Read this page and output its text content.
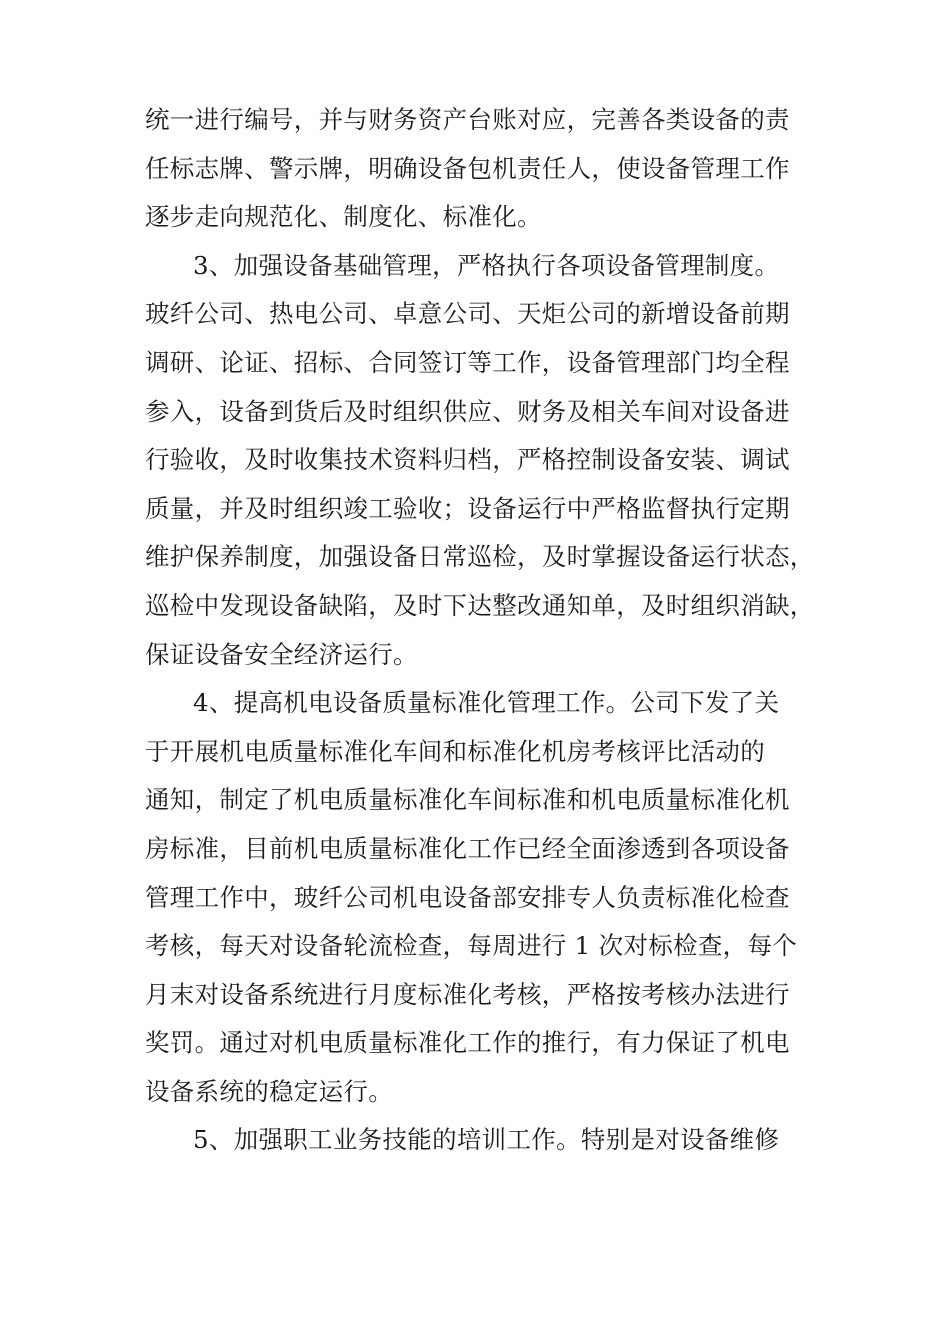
统一进行编号，并与财务资产台账对应，完善各类设备的责
任标志牌、警示牌，明确设备包机责任人，使设备管理工作
逐步走向规范化、制度化、标准化。
3、加强设备基础管理，严格执行各项设备管理制度。
玻纤公司、热电公司、卓意公司、天炬公司的新增设备前期
调研、论证、招标、合同签订等工作，设备管理部门均全程
参入，设备到货后及时组织供应、财务及相关车间对设备进
行验收，及时收集技术资料归档，严格控制设备安装、调试
质量，并及时组织竣工验收；设备运行中严格监督执行定期
维护保养制度，加强设备日常巡检，及时掌握设备运行状态，
巡检中发现设备缺陷，及时下达整改通知单，及时组织消缺，
保证设备安全经济运行。
4、提高机电设备质量标准化管理工作。公司下发了关
于开展机电质量标准化车间和标准化机房考核评比活动的
通知，制定了机电质量标准化车间标准和机电质量标准化机
房标准，目前机电质量标准化工作已经全面渗透到各项设备
管理工作中，玻纤公司机电设备部安排专人负责标准化检查
考核，每天对设备轮流检查，每周进行 1 次对标检查，每个
月末对设备系统进行月度标准化考核，严格按考核办法进行
奖罚。通过对机电质量标准化工作的推行，有力保证了机电
设备系统的稳定运行。
5、加强职工业务技能的培训工作。特别是对设备维修
